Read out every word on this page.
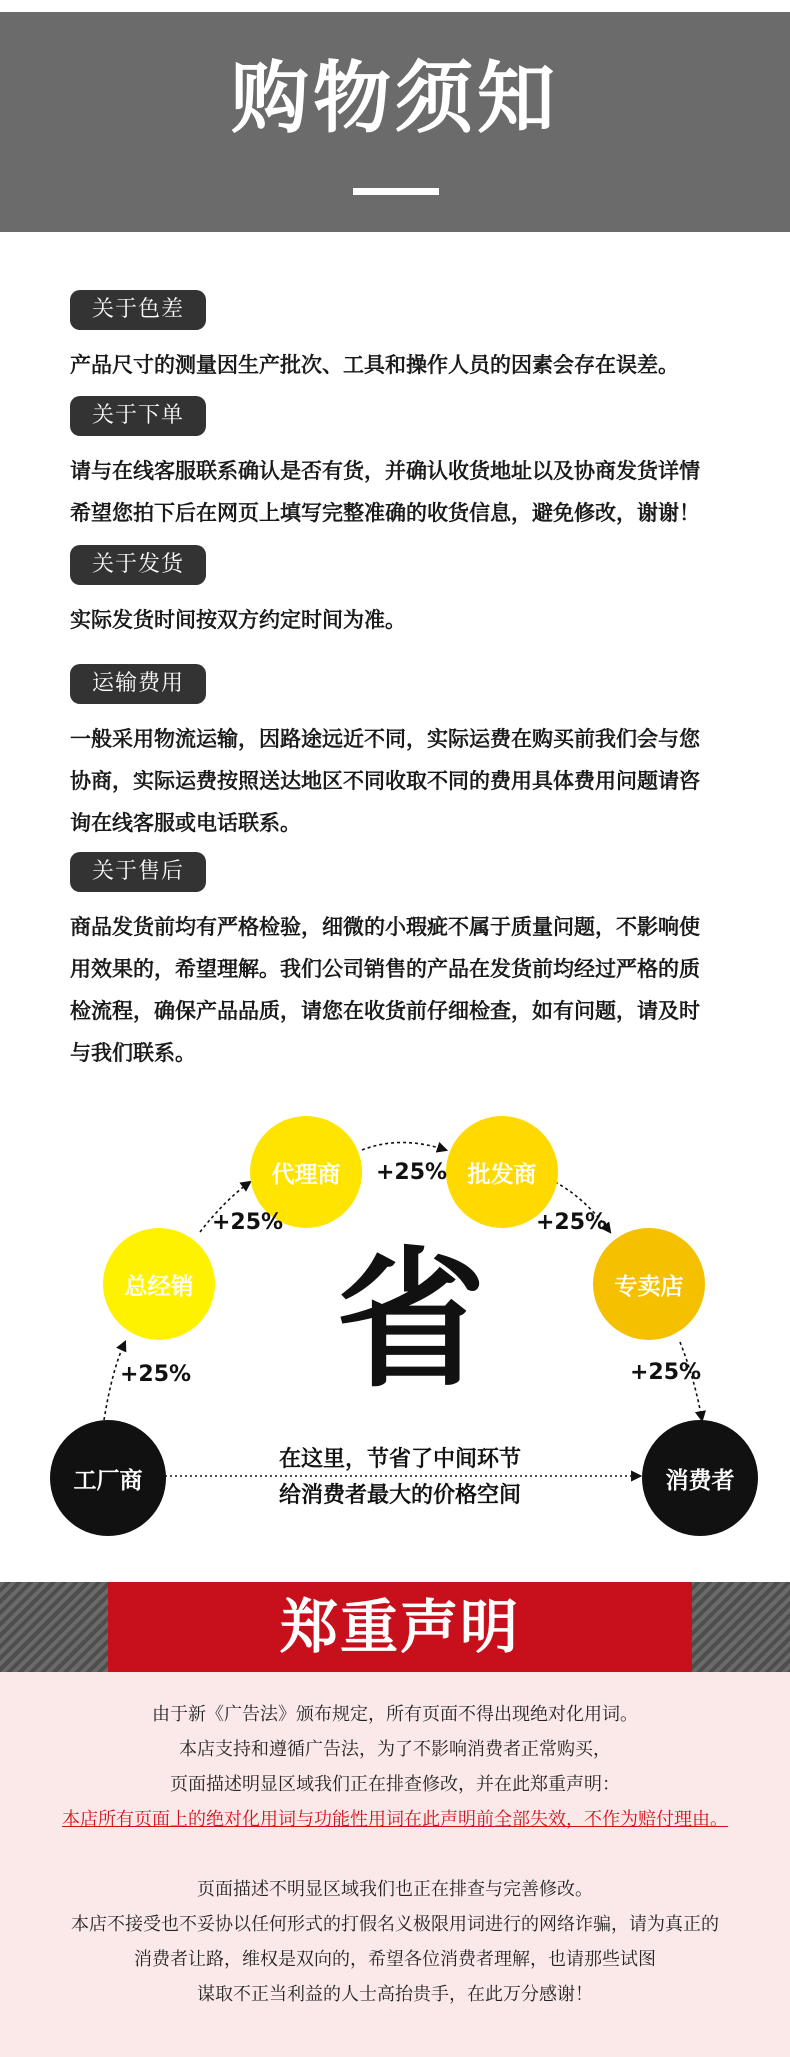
购物须知
关于色差
产品尺寸的测量因生产批次、工具和操作人员的因素会存在误差。
关于下单
请与在线客服联系确认是否有货，并确认收货地址以及协商发货详情
希望您拍下后在网页上填写完整准确的收货信息，避免修改，谢谢！
关于发货
实际发货时间按双方约定时间为准。
运输费用
一般采用物流运输，因路途远近不同，实际运费在购买前我们会与您
协商，实际运费按照送达地区不同收取不同的费用具体费用问题请咨
询在线客服或电话联系。
关于售后
商品发货前均有严格检验，细微的小瑕疵不属于质量问题，不影响使
用效果的，希望理解。我们公司销售的产品在发货前均经过严格的质
检流程，确保产品品质，请您在收货前仔细检查，如有问题，请及时
与我们联系。
工厂商
总经销
代理商	批发商
专卖店
消费者
+25%
+25%
+25%
+25%
+25%
省
在这里，节省了中间环节
给消费者最大的价格空间
郑重声明
由于新《广告法》颁布规定，所有页面不得出现绝对化用词。
本店支持和遵循广告法，为了不影响消费者正常购买，
页面描述明显区域我们正在排查修改，并在此郑重声明：
本店所有页面上的绝对化用词与功能性用词在此声明前全部失效，不作为赔付理由。
页面描述不明显区域我们也正在排查与完善修改。
本店不接受也不妥协以任何形式的打假名义极限用词进行的网络诈骗，请为真正的
消费者让路，维权是双向的，希望各位消费者理解，也请那些试图
谋取不正当利益的人士高抬贵手，在此万分感谢！
